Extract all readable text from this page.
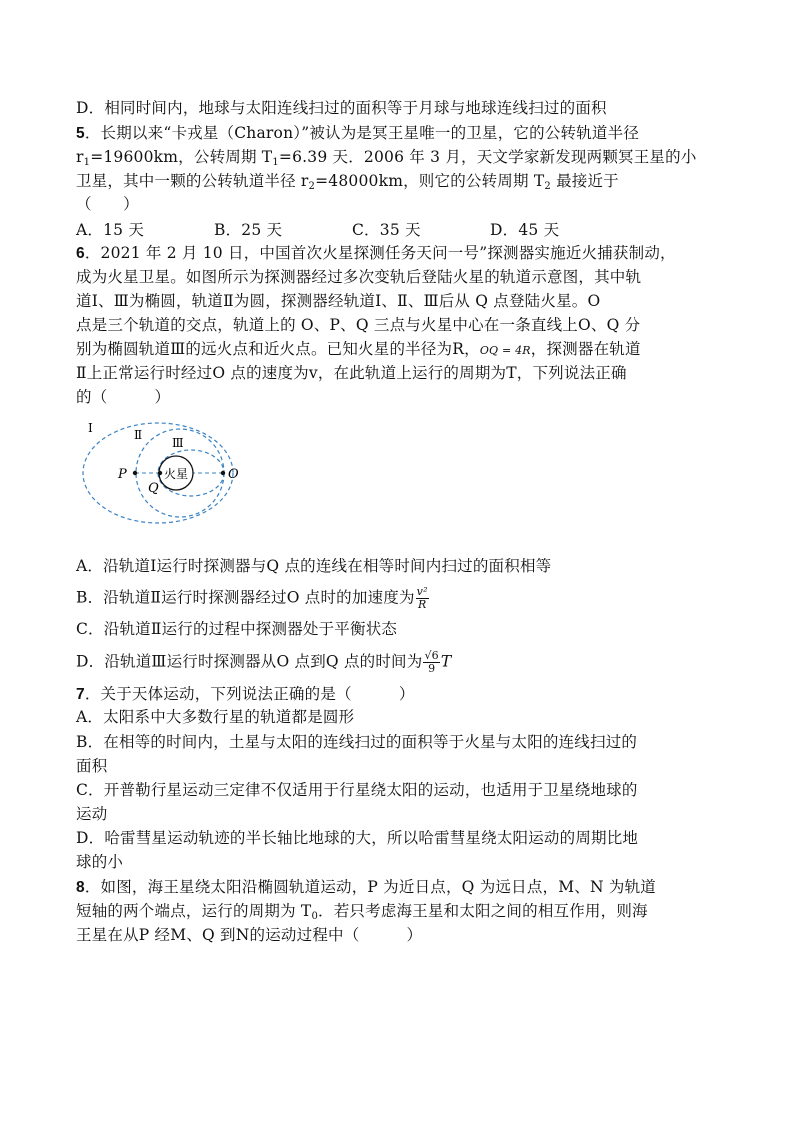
D．相同时间内，地球与太阳连线扫过的面积等于月球与地球连线扫过的面积
5．长期以来“卡戎星（Charon）”被认为是冥王星唯一的卫星，它的公转轨道半径
$r_1=19600km$，公转周期 $T_1=6.39$ 天．2006 年 3 月，天文学家新发现两颗冥王星的小
卫星，其中一颗的公转轨道半径 $r_2=48000km$，则它的公转周期 $T_2$ 最接近于
（　　）
A．15 天	B．25 天	C．35 天	D．45 天
6．2021 年 2 月 10 日，中国首次火星探测任务天问一号”探测器实施近火捕获制动，
成为火星卫星。如图所示为探测器经过多次变轨后登陆火星的轨道示意图，其中轨
道Ⅰ、Ⅲ为椭圆，轨道Ⅱ为圆，探测器经轨道Ⅰ、Ⅱ、Ⅲ后从 Q 点登陆火星。O
点是三个轨道的交点，轨道上的 O、P、Q 三点与火星中心在一条直线上O、Q 分
别为椭圆轨道Ⅲ的远火点和近火点。已知火星的半径为R，OQ = 4R，探测器在轨道
Ⅱ上正常运行时经过O 点的速度为v，在此轨道上运行的周期为T，下列说法正确
的（　　　）
火星
P
Q
O
Ⅰ	Ⅱ
Ⅲ
A．沿轨道Ⅰ运行时探测器与Q 点的连线在相等时间内扫过的面积相等
B．沿轨道Ⅱ运行时探测器经过O 点时的加速度为 $\frac{\text{v²}}{R}$
C．沿轨道Ⅱ运行的过程中探测器处于平衡状态
D．沿轨道Ⅲ运行时探测器从O 点到Q 点的时间为 $\frac{√6}{9}$ T
7．关于天体运动，下列说法正确的是（　　　）
A．太阳系中大多数行星的轨道都是圆形
B．在相等的时间内，土星与太阳的连线扫过的面积等于火星与太阳的连线扫过的
面积
C．开普勒行星运动三定律不仅适用于行星绕太阳的运动，也适用于卫星绕地球的
运动
D．哈雷彗星运动轨迹的半长轴比地球的大，所以哈雷彗星绕太阳运动的周期比地
球的小
8．如图，海王星绕太阳沿椭圆轨道运动，P 为近日点，Q 为远日点，M、N 为轨道
短轴的两个端点，运行的周期为 $T_0$．若只考虑海王星和太阳之间的相互作用，则海
王星在从P 经M、Q 到N的运动过程中（　　　）
